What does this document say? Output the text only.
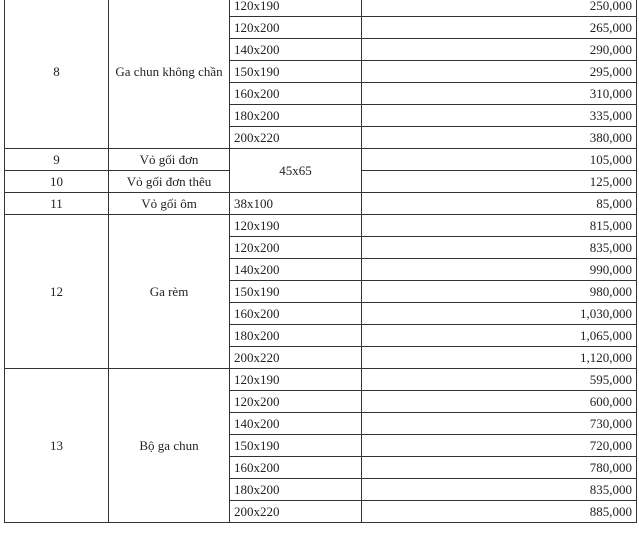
8	Ga chun không chần	120x190	250,000
		120x200	265,000
		140x200	290,000
		150x190	295,000
		160x200	310,000
		180x200	335,000
		200x220	380,000
9	Vỏ gối đơn	45x65	105,000
10	Vỏ gối đơn thêu		125,000
11	Vỏ gối ôm	38x100	85,000
12	Ga rèm	120x190	815,000
		120x200	835,000
		140x200	990,000
		150x190	980,000
		160x200	1,030,000
		180x200	1,065,000
		200x220	1,120,000
13	Bộ ga chun	120x190	595,000
		120x200	600,000
		140x200	730,000
		150x190	720,000
		160x200	780,000
		180x200	835,000
		200x220	885,000
